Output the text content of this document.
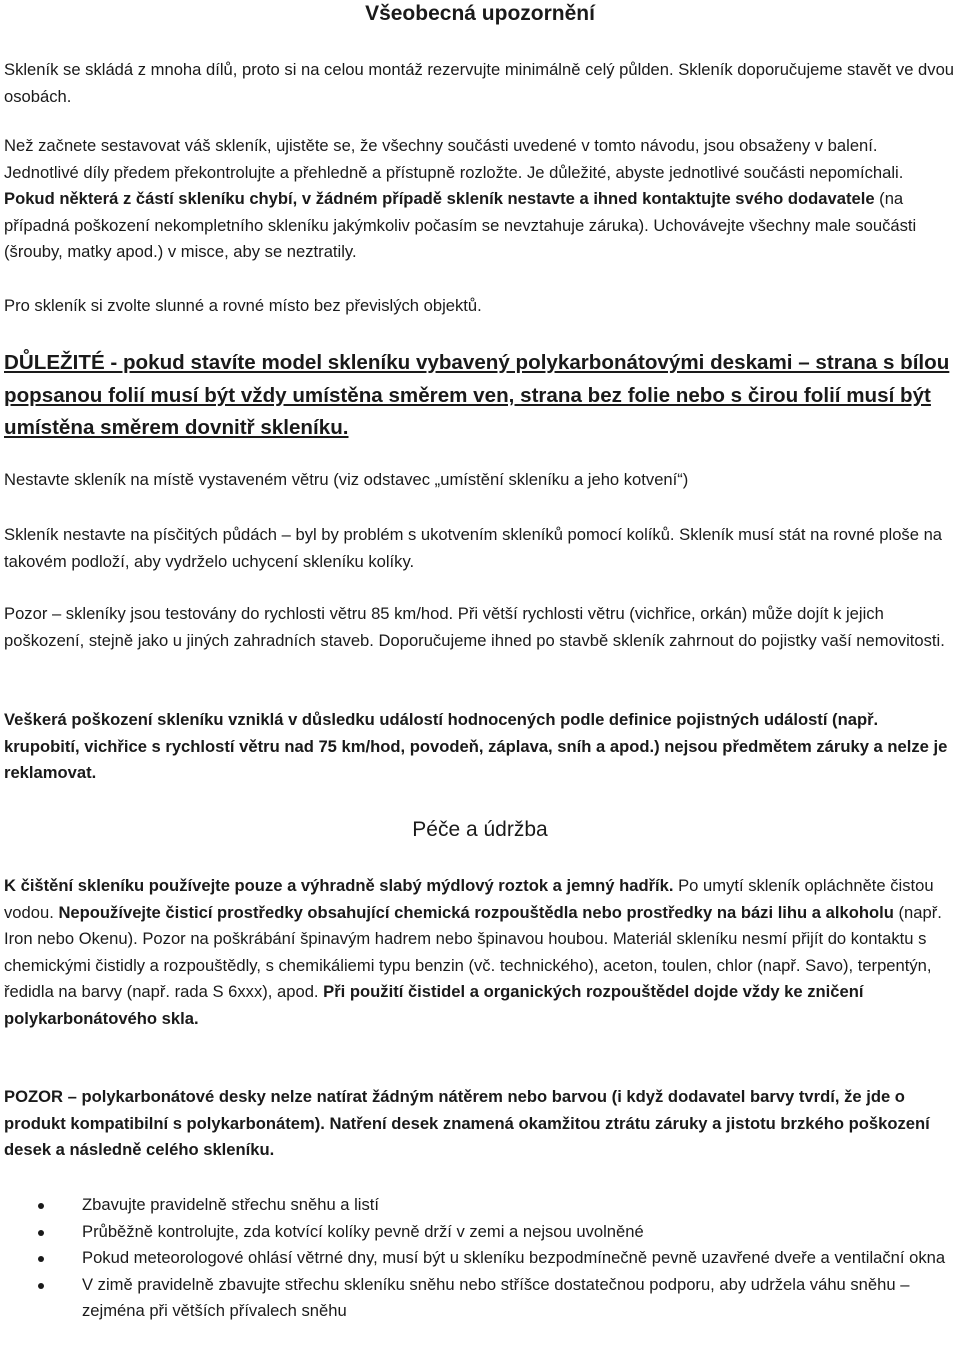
Všeobecná upozornění

Skleník se skládá z mnoha dílů, proto si na celou montáž rezervujte minimálně celý půlden. Skleník doporučujeme stavět ve dvou osobách.

Než začnete sestavovat váš skleník, ujistěte se, že všechny součásti uvedené v tomto návodu, jsou obsaženy v balení. Jednotlivé díly předem překontrolujte a přehledně a přístupně rozložte. Je důležité, abyste jednotlivé součásti nepomíchali. Pokud některá z částí skleníku chybí, v žádném případě skleník nestavte a ihned kontaktujte svého dodavatele (na případná poškození nekompletního skleníku jakýmkoliv počasím se nevztahuje záruka). Uchovávejte všechny male součásti (šrouby, matky apod.) v misce, aby se neztratily.

Pro skleník si zvolte slunné a rovné místo bez převislých objektů.

DŮLEŽITÉ - pokud stavíte model skleníku vybavený polykarbonátovými deskami – strana s bílou popsanou folií musí být vždy umístěna směrem ven, strana bez folie nebo s čirou folií musí být umístěna směrem dovnitř skleníku.

Nestavte skleník na místě vystaveném větru (viz odstavec „umístění skleníku a jeho kotvení“)

Skleník nestavte na písčitých půdách – byl by problém s ukotvením skleníků pomocí kolíků. Skleník musí stát na rovné ploše na takovém podloží, aby vydrželo uchycení skleníku kolíky.

Pozor – skleníky jsou testovány do rychlosti větru 85 km/hod. Při větší rychlosti větru (vichřice, orkán) může dojít k jejich poškození, stejně jako u jiných zahradních staveb. Doporučujeme ihned po stavbě skleník zahrnout do pojistky vaší nemovitosti.

Veškerá poškození skleníku vzniklá v důsledku událostí hodnocených podle definice pojistných událostí (např. krupobití, vichřice s rychlostí větru nad 75 km/hod, povodeň, záplava, sníh a apod.) nejsou předmětem záruky a nelze je reklamovat.

Péče a údržba

K čištění skleníku používejte pouze a výhradně slabý mýdlový roztok a jemný hadřík. Po umytí skleník opláchněte čistou vodou. Nepoužívejte čisticí prostředky obsahující chemická rozpouštědla nebo prostředky na bázi lihu a alkoholu (např. Iron nebo Okenu). Pozor na poškrábání špinavým hadrem nebo špinavou houbou. Materiál skleníku nesmí přijít do kontaktu s chemickými čistidly a rozpouštědly, s chemikáliemi typu benzin (vč. technického), aceton, toulen, chlor (např. Savo), terpentýn, ředidla na barvy (např. rada S 6xxx), apod. Při použití čistidel a organických rozpouštědel dojde vždy ke zničení polykarbonátového skla.

POZOR – polykarbonátové desky nelze natírat žádným nátěrem nebo barvou (i když dodavatel barvy tvrdí, že jde o produkt kompatibilní s polykarbonátem). Natření desek znamená okamžitou ztrátu záruky a jistotu brzkého poškození desek a následně celého skleníku.

Zbavujte pravidelně střechu sněhu a listí
Průběžně kontrolujte, zda kotvící kolíky pevně drží v zemi a nejsou uvolněné
Pokud meteorologové ohlásí větrné dny, musí být u skleníku bezpodmínečně pevně uzavřené dveře a ventilační okna
V zimě pravidelně zbavujte střechu skleníku sněhu nebo stříšce dostatečnou podporu, aby udržela váhu sněhu – zejména při větších přívalech sněhu
